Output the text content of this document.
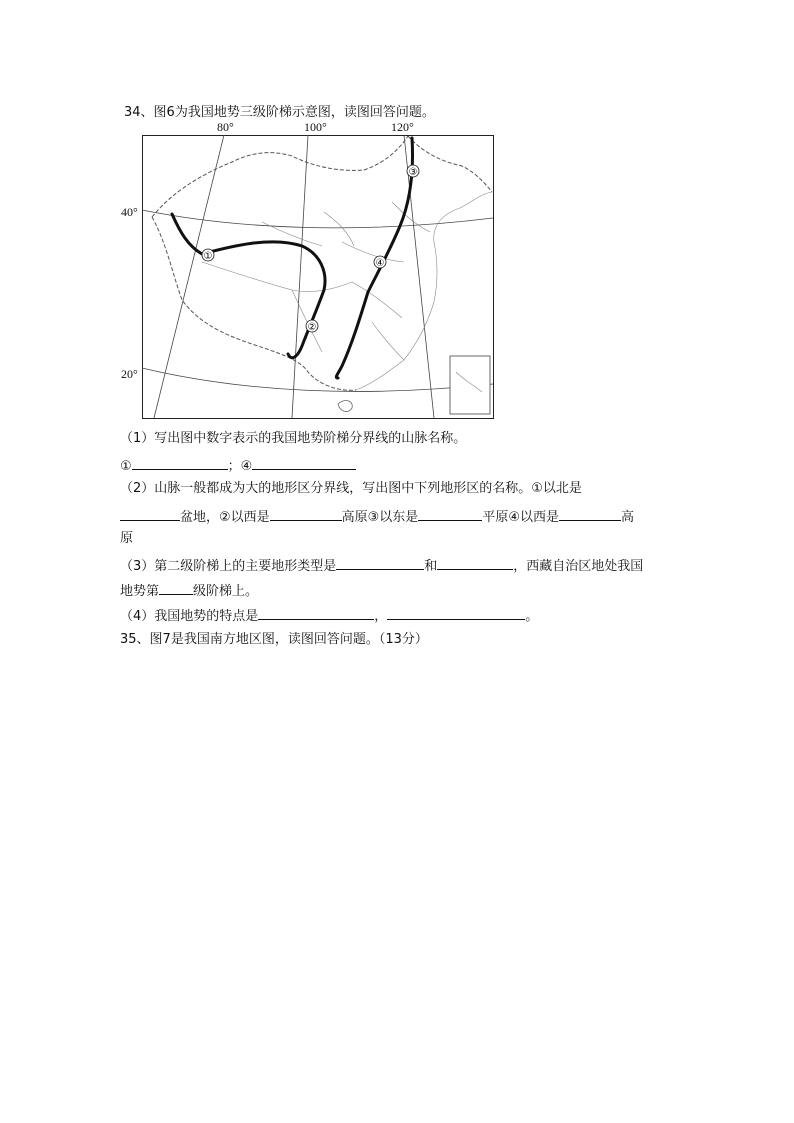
34、图6为我国地势三级阶梯示意图，读图回答问题。
80°	100°	120°
40°
20°
①
②
③
④
（1）写出图中数字表示的我国地势阶梯分界线的山脉名称。
①	；④
（2）山脉一般都成为大的地形区分界线，写出图中下列地形区的名称。①以北是
盆地，②以西是	高原③以东是	平原④以西是	高
原
（3）第二级阶梯上的主要地形类型是	和	，西藏自治区地处我国
地势第	级阶梯上。
（4）我国地势的特点是	，	。
35、图7是我国南方地区图，读图回答问题。（13分）
